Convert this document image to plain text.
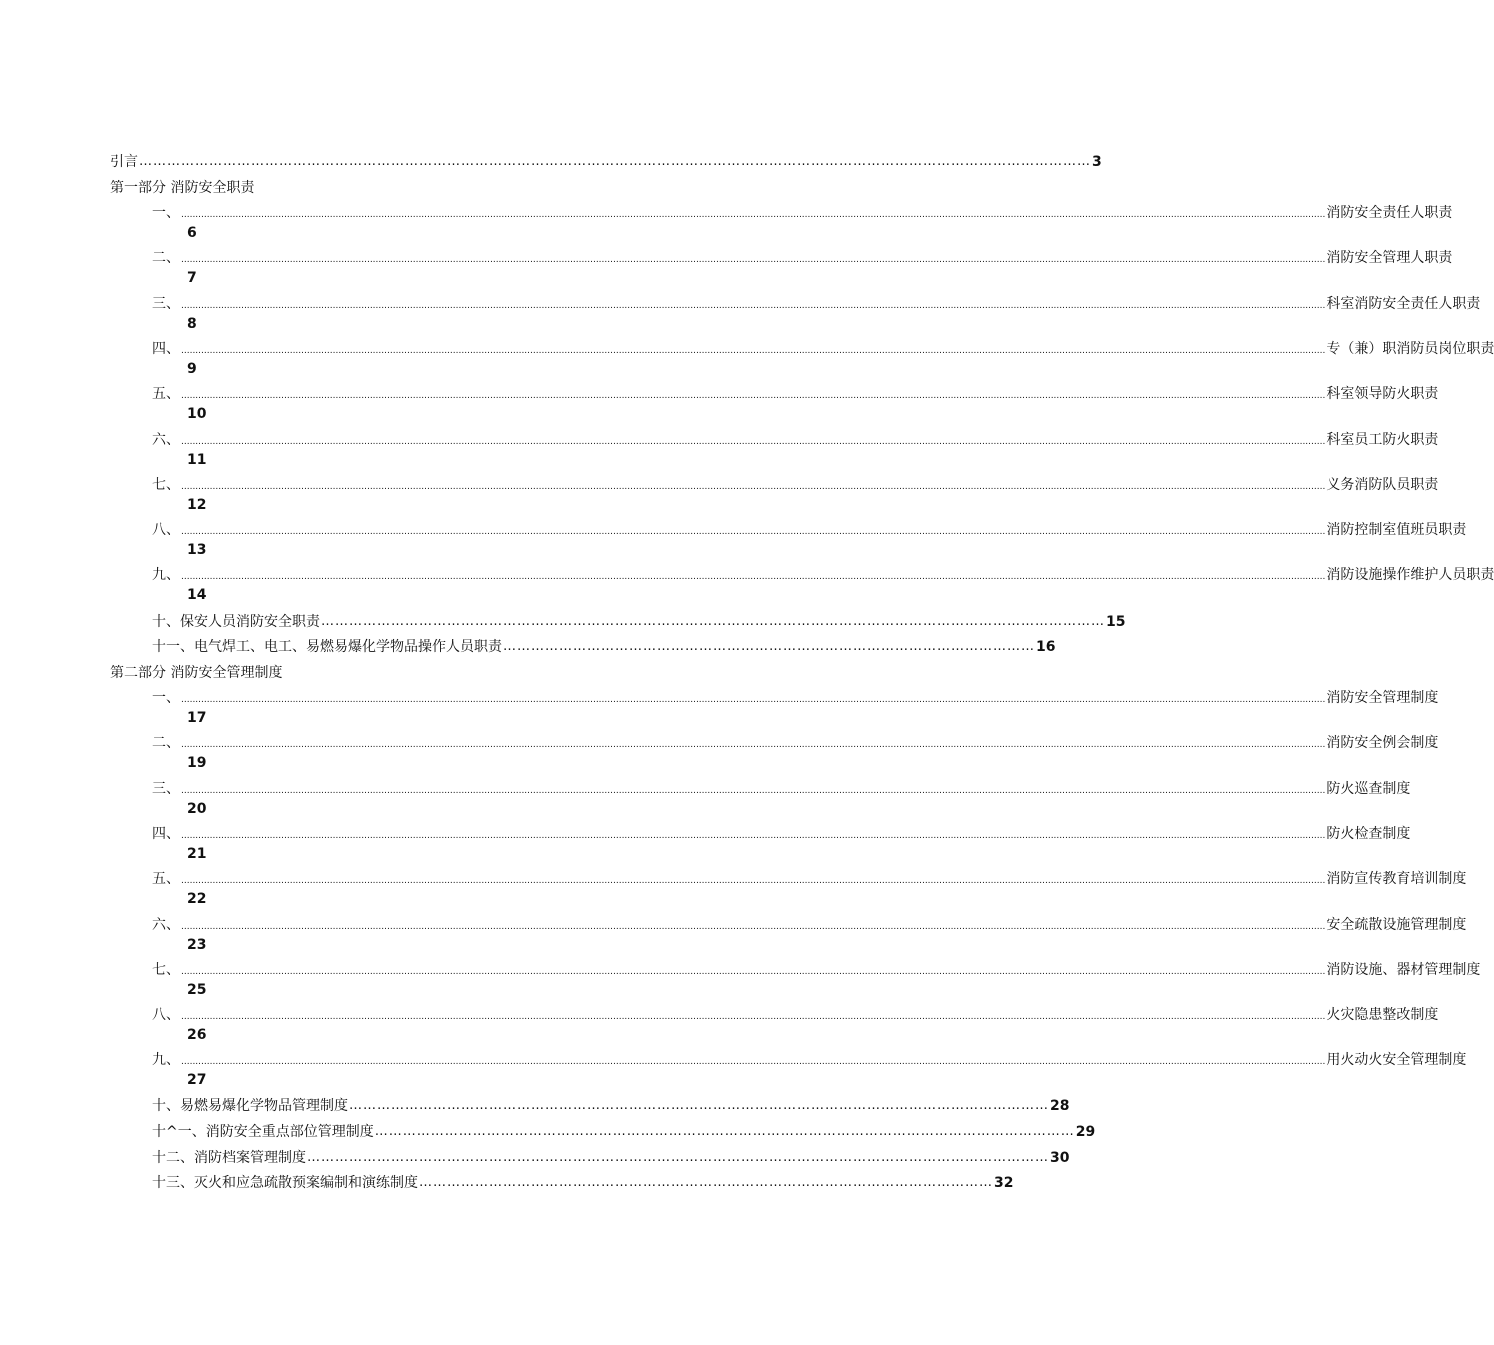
引言 …………………………………………………………………………………………………………………………………………………………………………………… 3
第一部分 消防安全职责
一、 ................................................................................................................................................................................................................................................................................................................................................................................................................ 消防安全责任人职责
6
二、 ................................................................................................................................................................................................................................................................................................................................................................................................................ 消防安全管理人职责
7
三、 ................................................................................................................................................................................................................................................................................................................................................................................................................ 科室消防安全责任人职责
8
四、 ................................................................................................................................................................................................................................................................................................................................................................................................................ 专（兼）职消防员岗位职责
9
五、 ................................................................................................................................................................................................................................................................................................................................................................................................................ 科室领导防火职责
10
六、 ................................................................................................................................................................................................................................................................................................................................................................................................................ 科室员工防火职责
11
七、 ................................................................................................................................................................................................................................................................................................................................................................................................................ 义务消防队员职责
12
八、 ................................................................................................................................................................................................................................................................................................................................................................................................................ 消防控制室值班员职责
13
九、 ................................................................................................................................................................................................................................................................................................................................................................................................................ 消防设施操作维护人员职责
14
十、保安人员消防安全职责 …………………………………………………………………………………………………………………………………………………… 15
十一、电气焊工、电工、易燃易爆化学物品操作人员职责 …………………………………………………………………………………………………… 16
第二部分 消防安全管理制度
一、 ................................................................................................................................................................................................................................................................................................................................................................................................................ 消防安全管理制度
17
二、 ................................................................................................................................................................................................................................................................................................................................................................................................................ 消防安全例会制度
19
三、 ................................................................................................................................................................................................................................................................................................................................................................................................................ 防火巡查制度
20
四、 ................................................................................................................................................................................................................................................................................................................................................................................................................ 防火检查制度
21
五、 ................................................................................................................................................................................................................................................................................................................................................................................................................ 消防宣传教育培训制度
22
六、 ................................................................................................................................................................................................................................................................................................................................................................................................................ 安全疏散设施管理制度
23
七、 ................................................................................................................................................................................................................................................................................................................................................................................................................ 消防设施、器材管理制度
25
八、 ................................................................................................................................................................................................................................................................................................................................................................................................................ 火灾隐患整改制度
26
九、 ................................................................................................................................................................................................................................................................................................................................................................................................................ 用火动火安全管理制度
27
十、易燃易爆化学物品管理制度 …………………………………………………………………………………………………………………………………… 28
十^一、消防安全重点部位管理制度 …………………………………………………………………………………………………………………………………… 29
十二、消防档案管理制度 …………………………………………………………………………………………………………………………………………… 30
十三、灭火和应急疏散预案编制和演练制度 …………………………………………………………………………………………………………… 32
